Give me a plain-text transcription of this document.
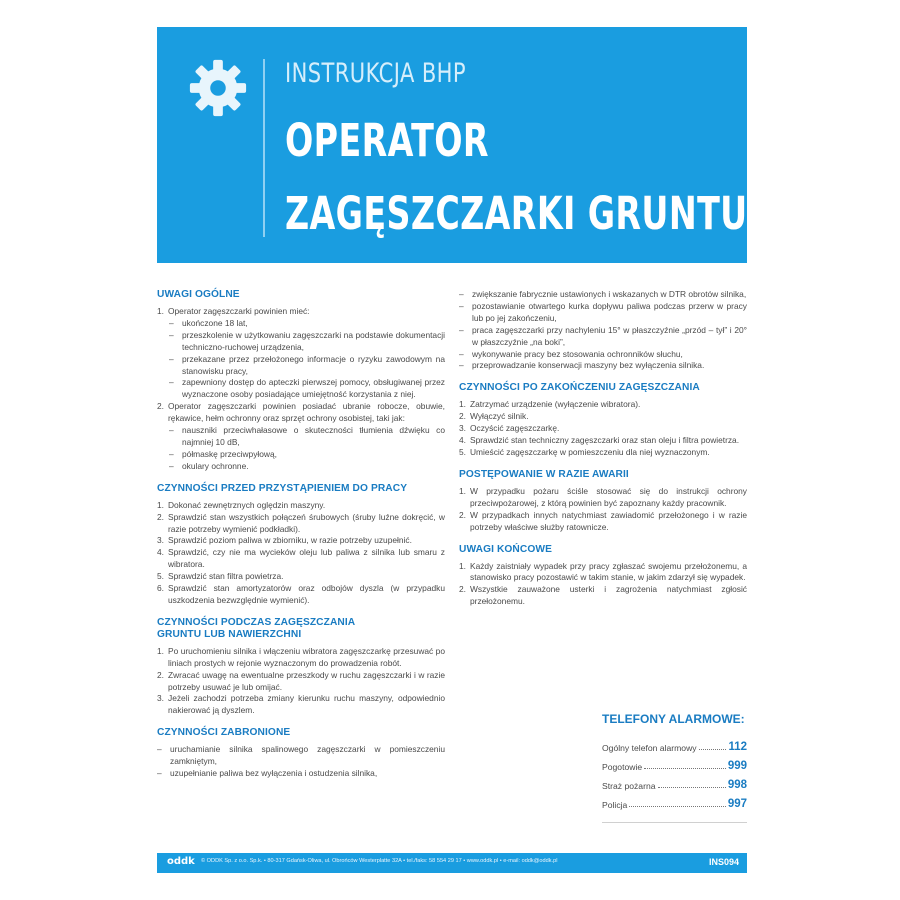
INSTRUKCJA BHP
OPERATOR
ZAGĘSZCZARKI GRUNTU
UWAGI OGÓLNE
1. Operator zagęszczarki powinien mieć:
– ukończone 18 lat,
– przeszkolenie w użytkowaniu zagęszczarki na podstawie dokumentacji techniczno-ruchowej urządzenia,
– przekazane przez przełożonego informacje o ryzyku zawodowym na stanowisku pracy,
– zapewniony dostęp do apteczki pierwszej pomocy, obsługiwanej przez wyznaczone osoby posiadające umiejętność korzystania z niej.
2. Operator zagęszczarki powinien posiadać ubranie robocze, obuwie, rękawice, hełm ochronny oraz sprzęt ochrony osobistej, taki jak:
– nauszniki przeciwhałasowe o skuteczności tłumienia dźwięku co najmniej 10 dB,
– półmaskę przeciwpyłową,
– okulary ochronne.
CZYNNOŚCI PRZED PRZYSTĄPIENIEM DO PRACY
1. Dokonać zewnętrznych oględzin maszyny.
2. Sprawdzić stan wszystkich połączeń śrubowych (śruby luźne dokręcić, w razie potrzeby wymienić podkładki).
3. Sprawdzić poziom paliwa w zbiorniku, w razie potrzeby uzupełnić.
4. Sprawdzić, czy nie ma wycieków oleju lub paliwa z silnika lub smaru z wibratora.
5. Sprawdzić stan filtra powietrza.
6. Sprawdzić stan amortyzatorów oraz odbojów dyszla (w przypadku uszkodzenia bezwzględnie wymienić).
CZYNNOŚCI PODCZAS ZAGĘSZCZANIA
GRUNTU LUB NAWIERZCHNI
1. Po uruchomieniu silnika i włączeniu wibratora zagęszczarkę przesuwać po liniach prostych w rejonie wyznaczonym do prowadzenia robót.
2. Zwracać uwagę na ewentualne przeszkody w ruchu zagęszczarki i w razie potrzeby usuwać je lub omijać.
3. Jeżeli zachodzi potrzeba zmiany kierunku ruchu maszyny, odpowiednio nakierować ją dyszlem.
CZYNNOŚCI ZABRONIONE
– uruchamianie silnika spalinowego zagęszczarki w pomieszczeniu zamkniętym,
– uzupełnianie paliwa bez wyłączenia i ostudzenia silnika,
– zwiększanie fabrycznie ustawionych i wskazanych w DTR obrotów silnika,
– pozostawianie otwartego kurka dopływu paliwa podczas przerw w pracy lub po jej zakończeniu,
– praca zagęszczarki przy nachyleniu 15° w płaszczyźnie „przód – tył” i 20° w płaszczyźnie „na boki”,
– wykonywanie pracy bez stosowania ochronników słuchu,
– przeprowadzanie konserwacji maszyny bez wyłączenia silnika.
CZYNNOŚCI PO ZAKOŃCZENIU ZAGĘSZCZANIA
1. Zatrzymać urządzenie (wyłączenie wibratora).
2. Wyłączyć silnik.
3. Oczyścić zagęszczarkę.
4. Sprawdzić stan techniczny zagęszczarki oraz stan oleju i filtra powietrza.
5. Umieścić zagęszczarkę w pomieszczeniu dla niej wyznaczonym.
POSTĘPOWANIE W RAZIE AWARII
1. W przypadku pożaru ściśle stosować się do instrukcji ochrony przeciwpożarowej, z którą powinien być zapoznany każdy pracownik.
2. W przypadkach innych natychmiast zawiadomić przełożonego i w razie potrzeby właściwe służby ratownicze.
UWAGI KOŃCOWE
1. Każdy zaistniały wypadek przy pracy zgłaszać swojemu przełożonemu, a stanowisko pracy pozostawić w takim stanie, w jakim zdarzył się wypadek.
2. Wszystkie zauważone usterki i zagrożenia natychmiast zgłosić przełożonemu.
TELEFONY ALARMOWE:
Ogólny telefon alarmowy	112
Pogotowie	999
Straż pożarna	998
Policja	997
oddk © ODDK Sp. z o.o. Sp.k. • 80-317 Gdańsk-Oliwa, ul. Obrońców Westerplatte 32A • tel./faks: 58 554 29 17 • www.oddk.pl • e-mail: oddk@oddk.pl	INS094
